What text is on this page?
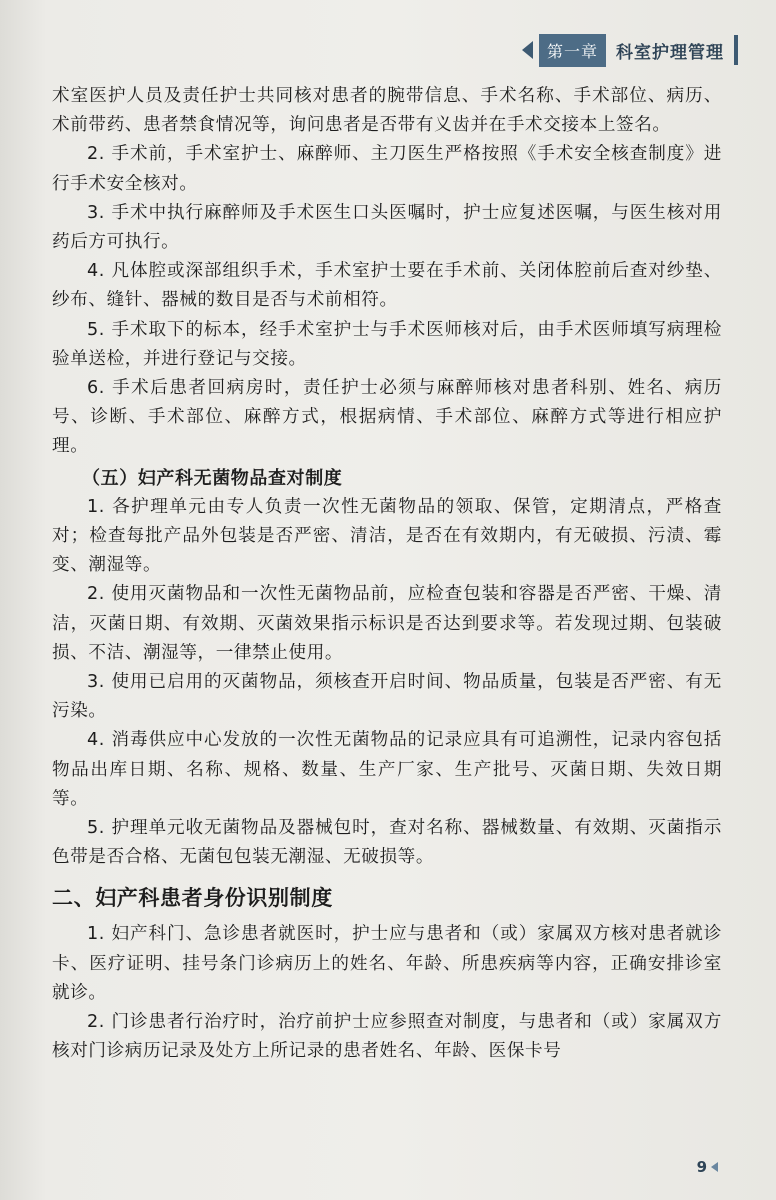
第一章	科室护理管理

术室医护人员及责任护士共同核对患者的腕带信息、手术名称、手术部位、病历、术前带药、患者禁食情况等，询问患者是否带有义齿并在手术交接本上签名。

2. 手术前，手术室护士、麻醉师、主刀医生严格按照《手术安全核查制度》进行手术安全核对。

3. 手术中执行麻醉师及手术医生口头医嘱时，护士应复述医嘱，与医生核对用药后方可执行。

4. 凡体腔或深部组织手术，手术室护士要在手术前、关闭体腔前后查对纱垫、纱布、缝针、器械的数目是否与术前相符。

5. 手术取下的标本，经手术室护士与手术医师核对后，由手术医师填写病理检验单送检，并进行登记与交接。

6. 手术后患者回病房时，责任护士必须与麻醉师核对患者科别、姓名、病历号、诊断、手术部位、麻醉方式，根据病情、手术部位、麻醉方式等进行相应护理。

（五）妇产科无菌物品查对制度

1. 各护理单元由专人负责一次性无菌物品的领取、保管，定期清点，严格查对；检查每批产品外包装是否严密、清洁，是否在有效期内，有无破损、污渍、霉变、潮湿等。

2. 使用灭菌物品和一次性无菌物品前，应检查包装和容器是否严密、干燥、清洁，灭菌日期、有效期、灭菌效果指示标识是否达到要求等。若发现过期、包装破损、不洁、潮湿等，一律禁止使用。

3. 使用已启用的灭菌物品，须核查开启时间、物品质量，包装是否严密、有无污染。

4. 消毒供应中心发放的一次性无菌物品的记录应具有可追溯性，记录内容包括物品出库日期、名称、规格、数量、生产厂家、生产批号、灭菌日期、失效日期等。

5. 护理单元收无菌物品及器械包时，查对名称、器械数量、有效期、灭菌指示色带是否合格、无菌包包装无潮湿、无破损等。

二、妇产科患者身份识别制度

1. 妇产科门、急诊患者就医时，护士应与患者和（或）家属双方核对患者就诊卡、医疗证明、挂号条门诊病历上的姓名、年龄、所患疾病等内容，正确安排诊室就诊。

2. 门诊患者行治疗时，治疗前护士应参照查对制度，与患者和（或）家属双方核对门诊病历记录及处方上所记录的患者姓名、年龄、医保卡号

9
